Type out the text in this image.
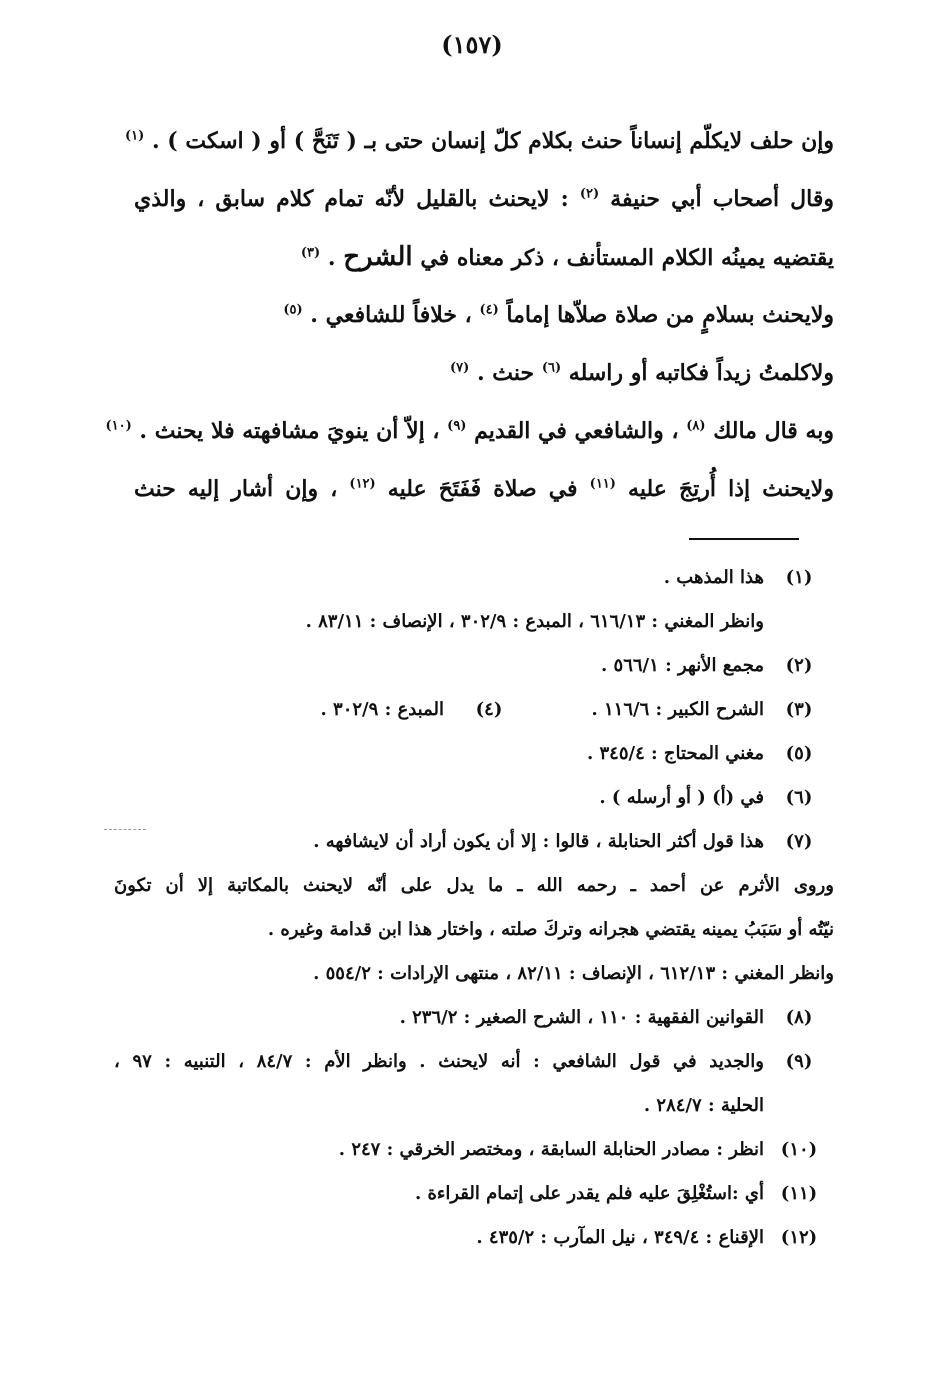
(١٥٧)
وإن حلف لايكلّم إنساناً حنث بكلام كلّ إنسان حتى بـ ( تَنَحَّ ) أو ( اسكت ) . $^{(١)}$
وقال أصحاب أبي حنيفة $^{(٢)}$ : لايحنث بالقليل لأنّه تمام كلام سابق ، والذي
يقتضيه يمينُه الكلام المستأنف ، ذكر معناه في الشرح . $^{(٣)}$
ولايحنث بسلامٍ من صلاة صلاّها إماماً $^{(٤)}$ ، خلافاً للشافعي . $^{(٥)}$
ولاكلمتُ زيداً فكاتبه أو راسله $^{(٦)}$ حنث . $^{(٧)}$
وبه قال مالك $^{(٨)}$ ، والشافعي في القديم $^{(٩)}$ ، إلاّ أن ينويَ مشافهته فلا يحنث . $^{(١٠)}$
ولايحنث إذا أُرتِجَ عليه $^{(١١)}$ في صلاة فَفَتَحَ عليه $^{(١٢)}$ ، وإن أشار إليه حنث
(١)
هذا المذهب .
وانظر المغني : ٦١٦/١٣ ، المبدع : ٣٠٢/٩ ، الإنصاف : ٨٣/١١ .
(٢)
مجمع الأنهر : ٥٦٦/١ .
(٣)
الشرح الكبير : ١١٦/٦ .
(٤)
المبدع : ٣٠٢/٩ .
(٥)
مغني المحتاج : ٣٤٥/٤ .
(٦)
في (أ) ( أو أرسله ) .
(٧)
هذا قول أكثر الحنابلة ، قالوا : إلا أن يكون أراد أن لايشافهه .
وروى الأثرم عن أحمد ـ رحمه الله ـ ما يدل على أنّه لايحنث بالمكاتبة إلا أن تكونَ
نيّتُه أو سَبَبُ يمينه يقتضي هجرانه وتركَ صلته ، واختار هذا ابن قدامة وغيره .
وانظر المغني : ٦١٢/١٣ ، الإنصاف : ٨٢/١١ ، منتهى الإرادات : ٥٥٤/٢ .
(٨)
القوانين الفقهية : ١١٠ ، الشرح الصغير : ٢٣٦/٢ .
(٩)
والجديد في قول الشافعي : أنه لايحنث . وانظر الأم : ٨٤/٧ ، التنبيه : ٩٧ ،
الحلية : ٢٨٤/٧ .
(١٠)
انظر : مصادر الحنابلة السابقة ، ومختصر الخرقي : ٢٤٧ .
(١١)
أي :استُغْلِقَ عليه فلم يقدر على إتمام القراءة .
(١٢)
الإقناع : ٣٤٩/٤ ، نيل المآرب : ٤٣٥/٢ .
